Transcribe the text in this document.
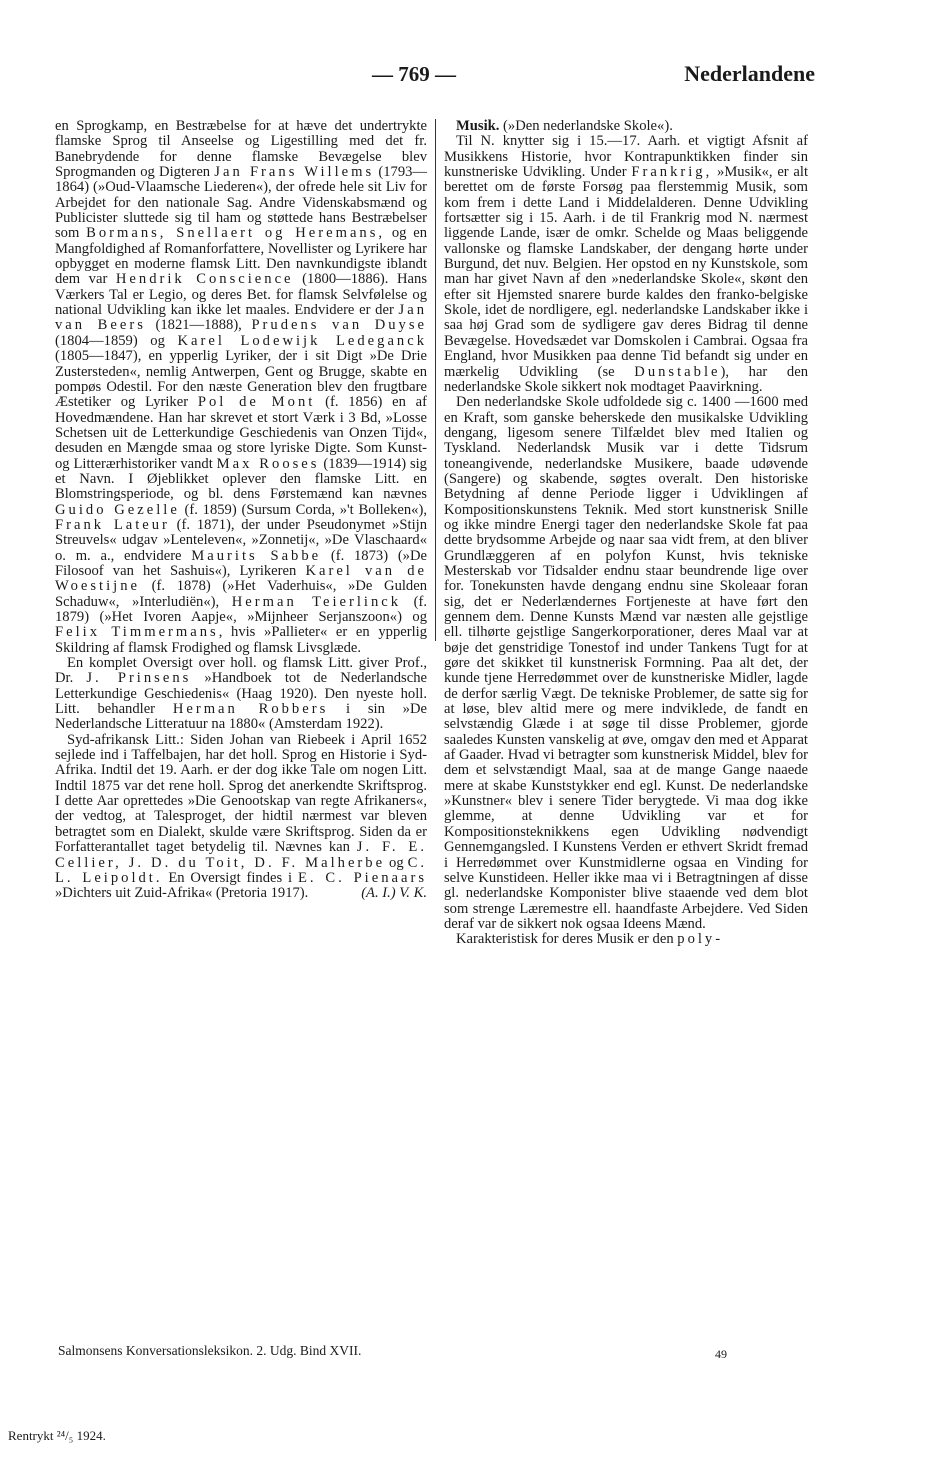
— 769 —	Nederlandene

en Sprogkamp, en Bestræbelse for at hæve det undertrykte flamske Sprog til Anseelse og Ligestilling med det fr. Banebrydende for denne flamske Bevægelse blev Sprogmanden og Digteren Jan Frans Willems (1793—1864) (»Oud-Vlaamsche Liederen«), der ofrede hele sit Liv for Arbejdet for den nationale Sag. Andre Videnskabsmænd og Publicister sluttede sig til ham og støttede hans Bestræbelser som Bormans, Snellaert og Heremans, og en Mangfoldighed af Romanforfattere, Novellister og Lyrikere har opbygget en moderne flamsk Litt. Den navnkundigste iblandt dem var Hendrik Conscience (1800—1886). Hans Værkers Tal er Legio, og deres Bet. for flamsk Selvfølelse og national Udvikling kan ikke let maales. Endvidere er der Jan van Beers (1821—1888), Prudens van Duyse (1804—1859) og Karel Lodewijk Ledeganck (1805—1847), en ypperlig Lyriker, der i sit Digt »De Drie Zustersteden«, nemlig Antwerpen, Gent og Brugge, skabte en pompøs Odestil. For den næste Generation blev den frugtbare Æstetiker og Lyriker Pol de Mont (f. 1856) en af Hovedmændene. Han har skrevet et stort Værk i 3 Bd, »Losse Schetsen uit de Letterkundige Geschiedenis van Onzen Tijd«, desuden en Mængde smaa og store lyriske Digte. Som Kunst- og Litterærhistoriker vandt Max Rooses (1839—1914) sig et Navn. I Øjeblikket oplever den flamske Litt. en Blomstringsperiode, og bl. dens Førstemænd kan nævnes Guido Gezelle (f. 1859) (Sursum Corda, »'t Bolleken«), Frank Lateur (f. 1871), der under Pseudonymet »Stijn Streuvels« udgav »Lenteleven«, »Zonnetij«, »De Vlaschaard« o. m. a., endvidere Maurits Sabbe (f. 1873) (»De Filosoof van het Sashuis«), Lyrikeren Karel van de Woestijne (f. 1878) (»Het Vaderhuis«, »De Gulden Schaduw«, »Interludiën«), Herman Teierlinck (f. 1879) (»Het Ivoren Aapje«, »Mijnheer Serjanszoon«) og Felix Timmermans, hvis »Pallieter« er en ypperlig Skildring af flamsk Frodighed og flamsk Livsglæde.

En komplet Oversigt over holl. og flamsk Litt. giver Prof., Dr. J. Prinsens »Handboek tot de Nederlandsche Letterkundige Geschiedenis« (Haag 1920). Den nyeste holl. Litt. behandler Herman Robbers i sin »De Nederlandsche Litteratuur na 1880« (Amsterdam 1922).

Syd-afrikansk Litt.: Siden Johan van Riebeek i April 1652 sejlede ind i Taffelbajen, har det holl. Sprog en Historie i Syd-Afrika. Indtil det 19. Aarh. er der dog ikke Tale om nogen Litt. Indtil 1875 var det rene holl. Sprog det anerkendte Skriftsprog. I dette Aar oprettedes »Die Genootskap van regte Afrikaners«, der vedtog, at Talesproget, der hidtil nærmest var bleven betragtet som en Dialekt, skulde være Skriftsprog. Siden da er Forfatterantallet taget betydelig til. Nævnes kan J. F. E. Cellier, J. D. du Toit, D. F. Malherbe og C. L. Leipoldt. En Oversigt findes i E. C. Pienaars »Dichters uit Zuid-Afrika« (Pretoria 1917).	(A. I.) V. K.

Musik. (»Den nederlandske Skole«).

Til N. knytter sig i 15.—17. Aarh. et vigtigt Afsnit af Musikkens Historie, hvor Kontrapunktikken finder sin kunstneriske Udvikling. Under Frankrig, »Musik«, er alt berettet om de første Forsøg paa flerstemmig Musik, som kom frem i dette Land i Middelalderen. Denne Udvikling fortsætter sig i 15. Aarh. i de til Frankrig mod N. nærmest liggende Lande, især de omkr. Schelde og Maas beliggende vallonske og flamske Landskaber, der dengang hørte under Burgund, det nuv. Belgien. Her opstod en ny Kunstskole, som man har givet Navn af den »nederlandske Skole«, skønt den efter sit Hjemsted snarere burde kaldes den franko-belgiske Skole, idet de nordligere, egl. nederlandske Landskaber ikke i saa høj Grad som de sydligere gav deres Bidrag til denne Bevægelse. Hovedsædet var Domskolen i Cambrai. Ogsaa fra England, hvor Musikken paa denne Tid befandt sig under en mærkelig Udvikling (se Dunstable), har den nederlandske Skole sikkert nok modtaget Paavirkning.

Den nederlandske Skole udfoldede sig c. 1400 —1600 med en Kraft, som ganske beherskede den musikalske Udvikling dengang, ligesom senere Tilfældet blev med Italien og Tyskland. Nederlandsk Musik var i dette Tidsrum toneangivende, nederlandske Musikere, baade udøvende (Sangere) og skabende, søgtes overalt. Den historiske Betydning af denne Periode ligger i Udviklingen af Kompositionskunstens Teknik. Med stort kunstnerisk Snille og ikke mindre Energi tager den nederlandske Skole fat paa dette brydsomme Arbejde og naar saa vidt frem, at den bliver Grundlæggeren af en polyfon Kunst, hvis tekniske Mesterskab vor Tidsalder endnu staar beundrende lige over for. Tonekunsten havde dengang endnu sine Skoleaar foran sig, det er Nederlændernes Fortjeneste at have ført den gennem dem. Denne Kunsts Mænd var næsten alle gejstlige ell. tilhørte gejstlige Sangerkorporationer, deres Maal var at bøje det genstridige Tonestof ind under Tankens Tugt for at gøre det skikket til kunstnerisk Formning. Paa alt det, der kunde tjene Herredømmet over de kunstneriske Midler, lagde de derfor særlig Vægt. De tekniske Problemer, de satte sig for at løse, blev altid mere og mere indviklede, de fandt en selvstændig Glæde i at søge til disse Problemer, gjorde saaledes Kunsten vanskelig at øve, omgav den med et Apparat af Gaader. Hvad vi betragter som kunstnerisk Middel, blev for dem et selvstændigt Maal, saa at de mange Gange naaede mere at skabe Kunststykker end egl. Kunst. De nederlandske »Kunstner« blev i senere Tider berygtede. Vi maa dog ikke glemme, at denne Udvikling var et for Kompositionsteknikkens egen Udvikling nødvendigt Gennemgangsled. I Kunstens Verden er ethvert Skridt fremad i Herredømmet over Kunstmidlerne ogsaa en Vinding for selve Kunstideen. Heller ikke maa vi i Betragtningen af disse gl. nederlandske Komponister blive staaende ved dem blot som strenge Læremestre ell. haandfaste Arbejdere. Ved Siden deraf var de sikkert nok ogsaa Ideens Mænd.

Karakteristisk for deres Musik er den poly-

Salmonsens Konversationsleksikon. 2. Udg. Bind XVII.	49
Rentrykt ²⁴/₅ 1924.
